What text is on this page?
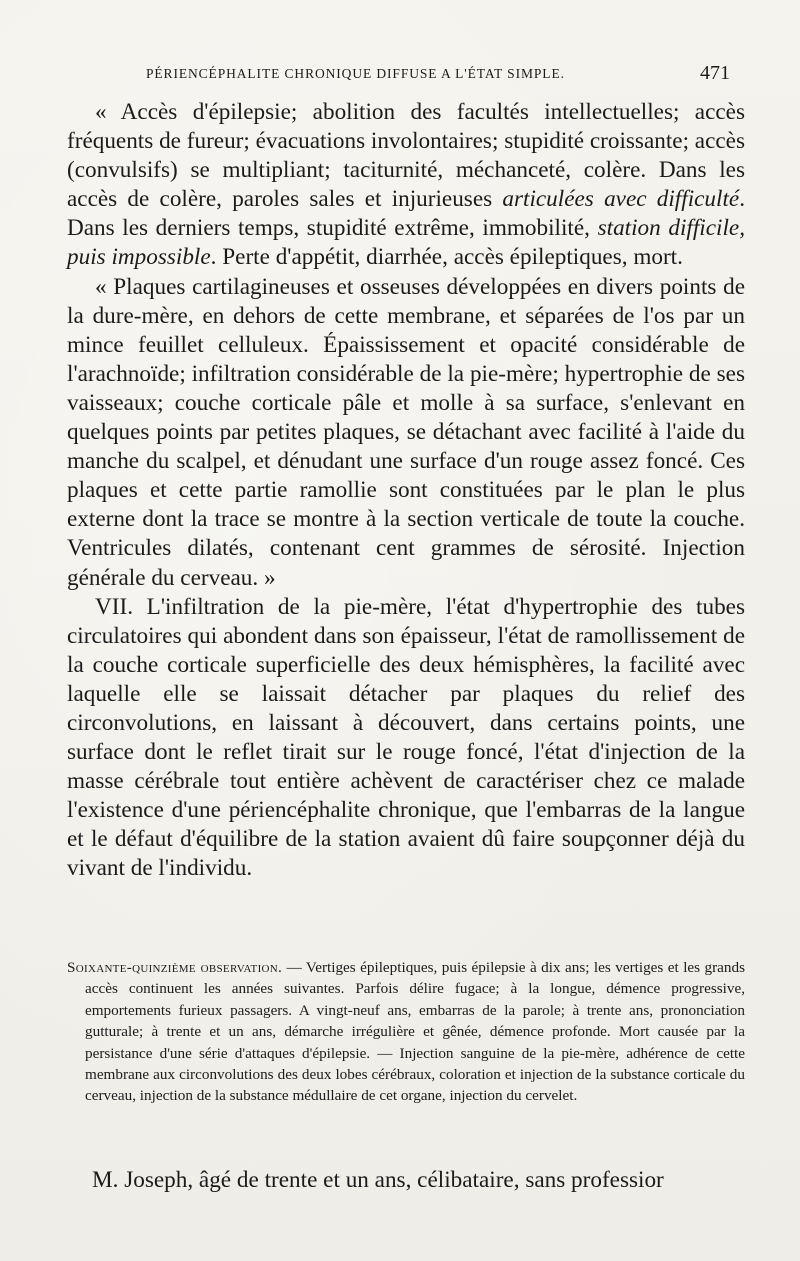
PÉRIENCÉPHALITE CHRONIQUE DIFFUSE A L'ÉTAT SIMPLE.	471

« Accès d'épilepsie; abolition des facultés intellectuelles; accès fréquents de fureur; évacuations involontaires; stupidité croissante; accès (convulsifs) se multipliant; taciturnité, méchanceté, colère. Dans les accès de colère, paroles sales et injurieuses articulées avec difficulté. Dans les derniers temps, stupidité extrême, immobilité, station difficile, puis impossible. Perte d'appétit, diarrhée, accès épileptiques, mort.

« Plaques cartilagineuses et osseuses développées en divers points de la dure-mère, en dehors de cette membrane, et séparées de l'os par un mince feuillet celluleux. Épaississement et opacité considérable de l'arachnoïde; infiltration considérable de la pie-mère; hypertrophie de ses vaisseaux; couche corticale pâle et molle à sa surface, s'enlevant en quelques points par petites plaques, se détachant avec facilité à l'aide du manche du scalpel, et dénudant une surface d'un rouge assez foncé. Ces plaques et cette partie ramollie sont constituées par le plan le plus externe dont la trace se montre à la section verticale de toute la couche. Ventricules dilatés, contenant cent grammes de sérosité. Injection générale du cerveau. »

VII. L'infiltration de la pie-mère, l'état d'hypertrophie des tubes circulatoires qui abondent dans son épaisseur, l'état de ramollissement de la couche corticale superficielle des deux hémisphères, la facilité avec laquelle elle se laissait détacher par plaques du relief des circonvolutions, en laissant à découvert, dans certains points, une surface dont le reflet tirait sur le rouge foncé, l'état d'injection de la masse cérébrale tout entière achèvent de caractériser chez ce malade l'existence d'une périencéphalite chronique, que l'embarras de la langue et le défaut d'équilibre de la station avaient dû faire soupçonner déjà du vivant de l'individu.

Soixante-quinzième observation. — Vertiges épileptiques, puis épilepsie à dix ans; les vertiges et les grands accès continuent les années suivantes. Parfois délire fugace; à la longue, démence progressive, emportements furieux passagers. A vingt-neuf ans, embarras de la parole; à trente ans, prononciation gutturale; à trente et un ans, démarche irrégulière et gênée, démence profonde. Mort causée par la persistance d'une série d'attaques d'épilepsie. — Injection sanguine de la pie-mère, adhérence de cette membrane aux circonvolutions des deux lobes cérébraux, coloration et injection de la substance corticale du cerveau, injection de la substance médullaire de cet organe, injection du cervelet.

M. Joseph, âgé de trente et un ans, célibataire, sans professior
